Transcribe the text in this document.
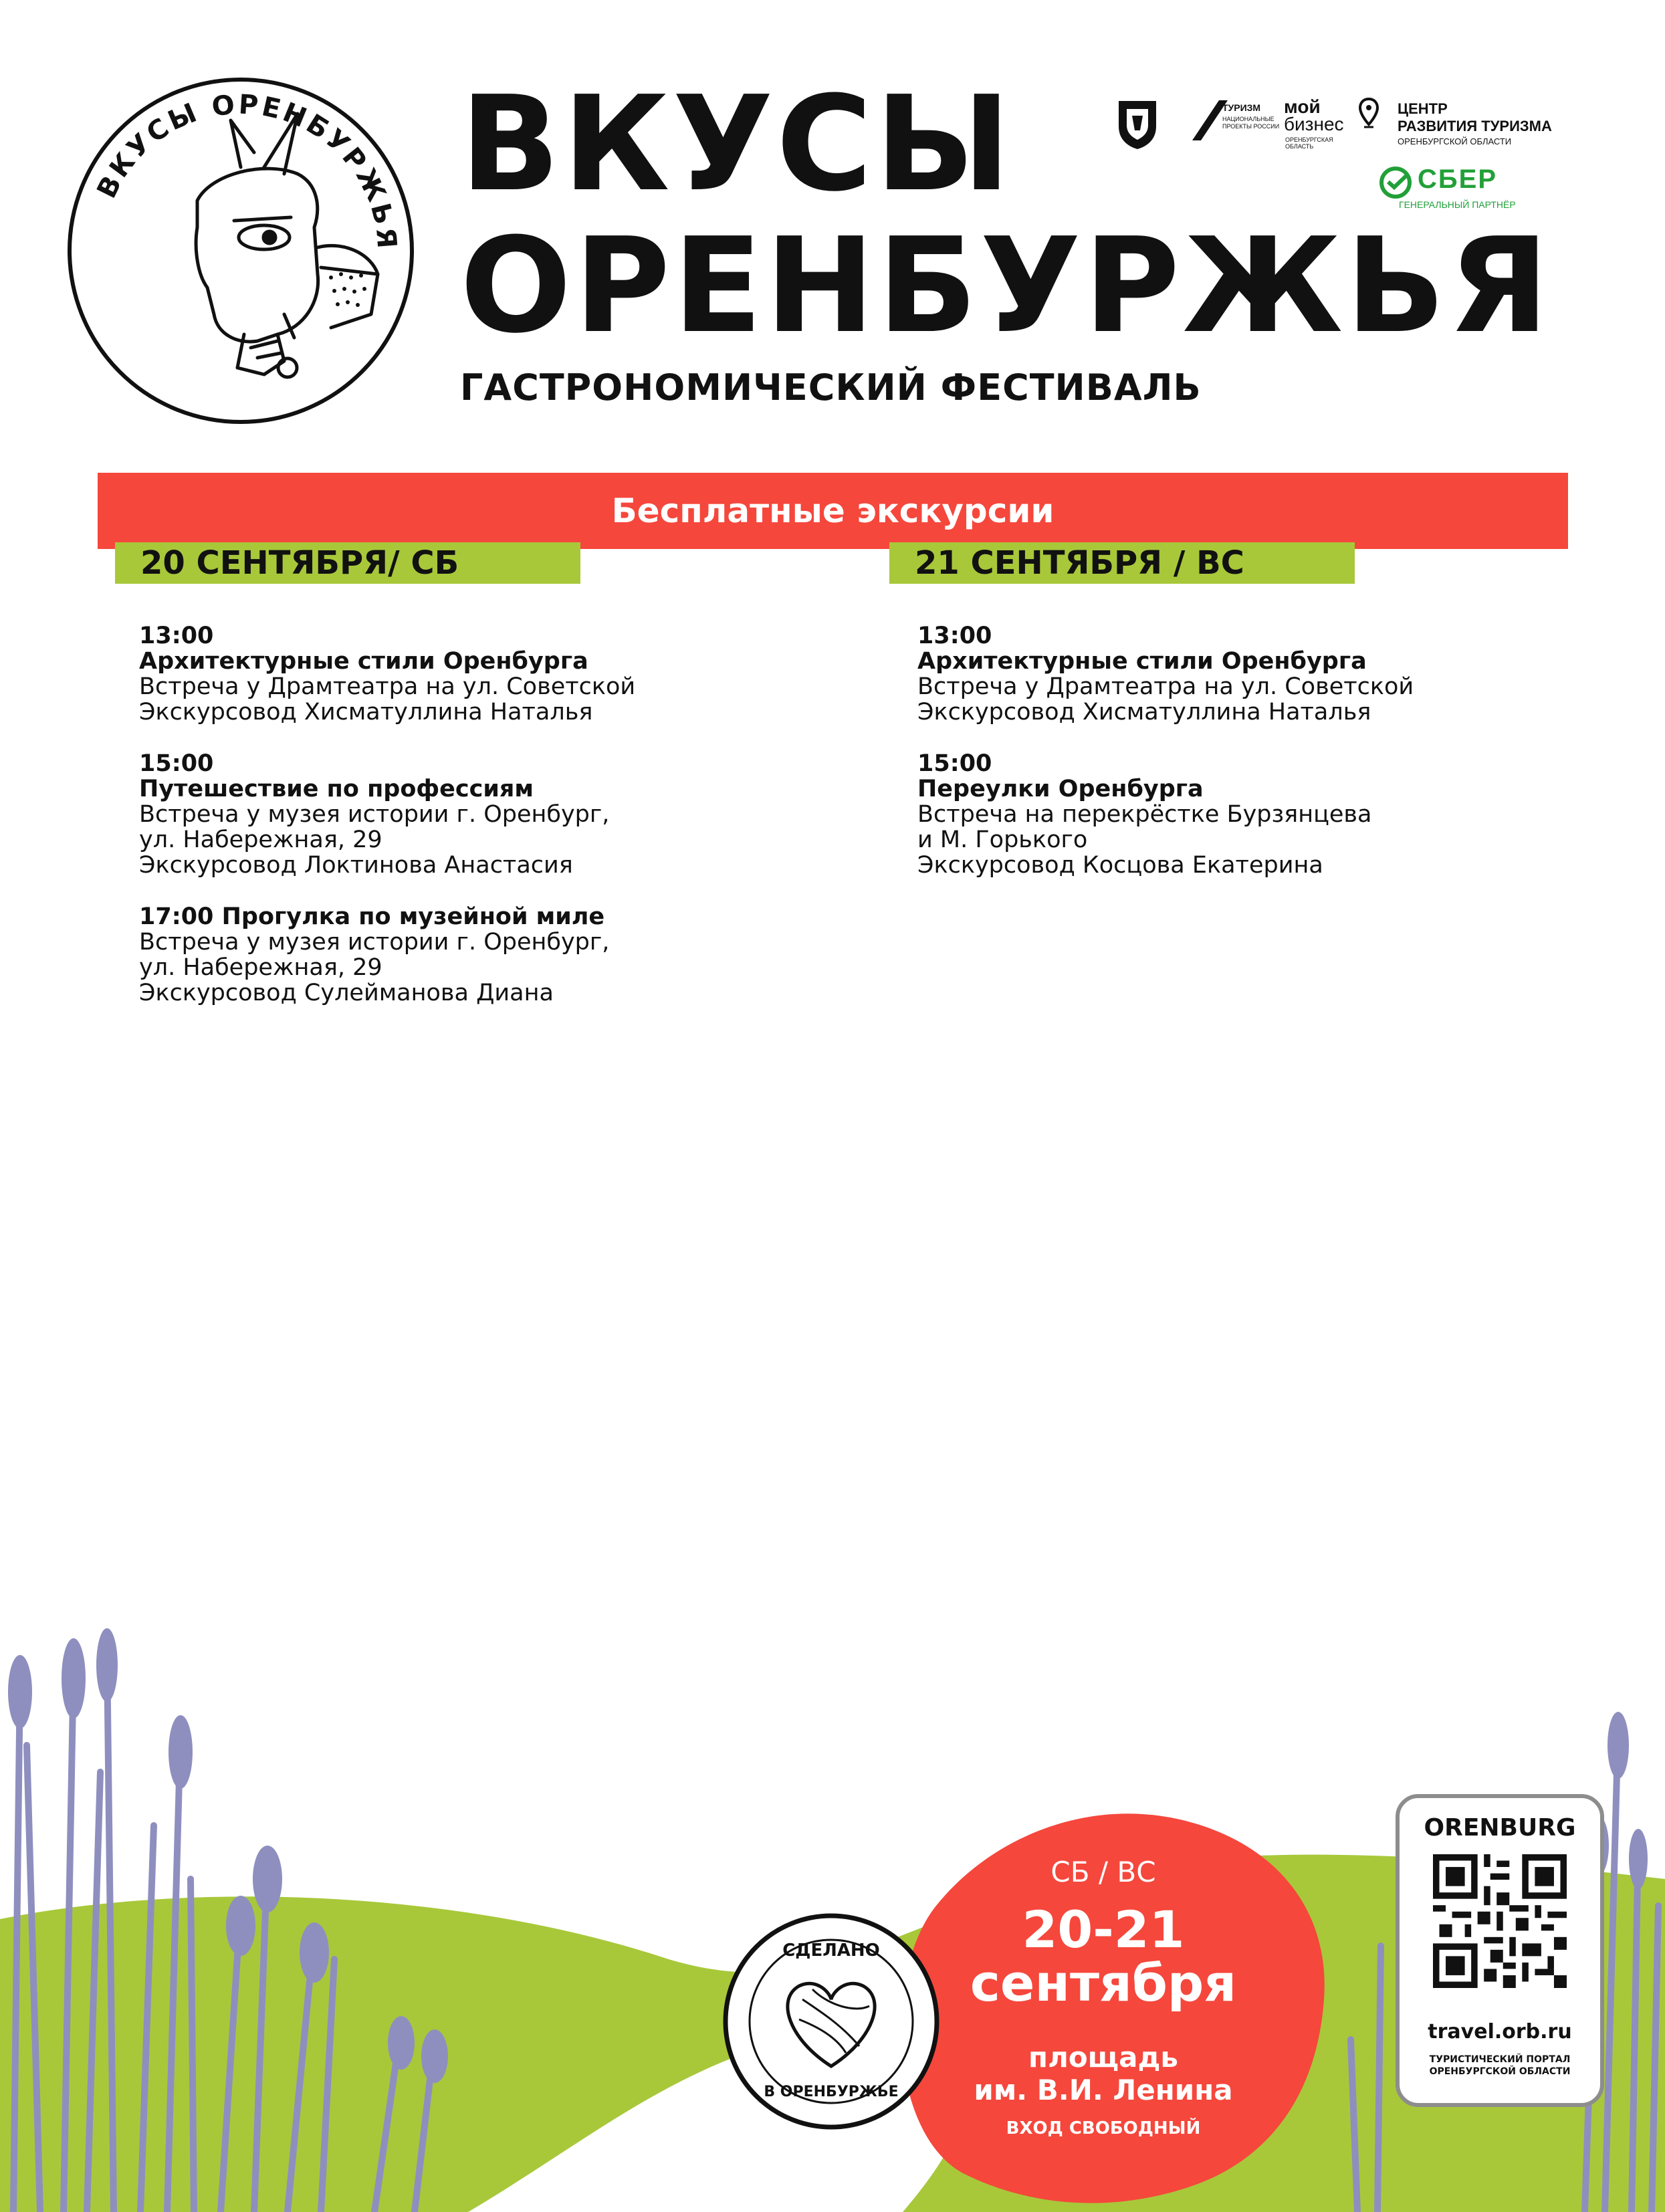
ВКУСЫ ОРЕНБУРЖЬЯ
ВКУСЫ
ОРЕНБУРЖЬЯ
ГАСТРОНОМИЧЕСКИЙ ФЕСТИВАЛЬ
ТУРИЗМ
НАЦИОНАЛЬНЫЕ ПРОЕКТЫ РОССИИ
мой
бизнес
ОРЕНБУРГСКАЯ ОБЛАСТЬ
ЦЕНТР
РАЗВИТИЯ ТУРИЗМА
ОРЕНБУРГСКОЙ ОБЛАСТИ
СБЕР
ГЕНЕРАЛЬНЫЙ ПАРТНЁР
Бесплатные экскурсии
20 СЕНТЯБРЯ/ СБ	21 СЕНТЯБРЯ / ВС
13:00
Архитектурные стили Оренбурга
Встреча у Драмтеатра на ул. Советской
Экскурсовод Хисматуллина Наталья
15:00
Путешествие по профессиям
Встреча у музея истории г. Оренбург,
ул. Набережная, 29
Экскурсовод Локтинова Анастасия
17:00 Прогулка по музейной миле
Встреча у музея истории г. Оренбург,
ул. Набережная, 29
Экскурсовод Сулейманова Диана
13:00
Архитектурные стили Оренбурга
Встреча у Драмтеатра на ул. Советской
Экскурсовод Хисматуллина Наталья
15:00
Переулки Оренбурга
Встреча на перекрёстке Бурзянцева
и М. Горького
Экскурсовод Косцова Екатерина
СДЕЛАНО
В ОРЕНБУРЖЬЕ
СБ / ВС
20-21
сентября
площадь
им. В.И. Ленина
ВХОД СВОБОДНЫЙ
ORENBURG
travel.orb.ru
ТУРИСТИЧЕСКИЙ ПОРТАЛ ОРЕНБУРГСКОЙ ОБЛАСТИ
